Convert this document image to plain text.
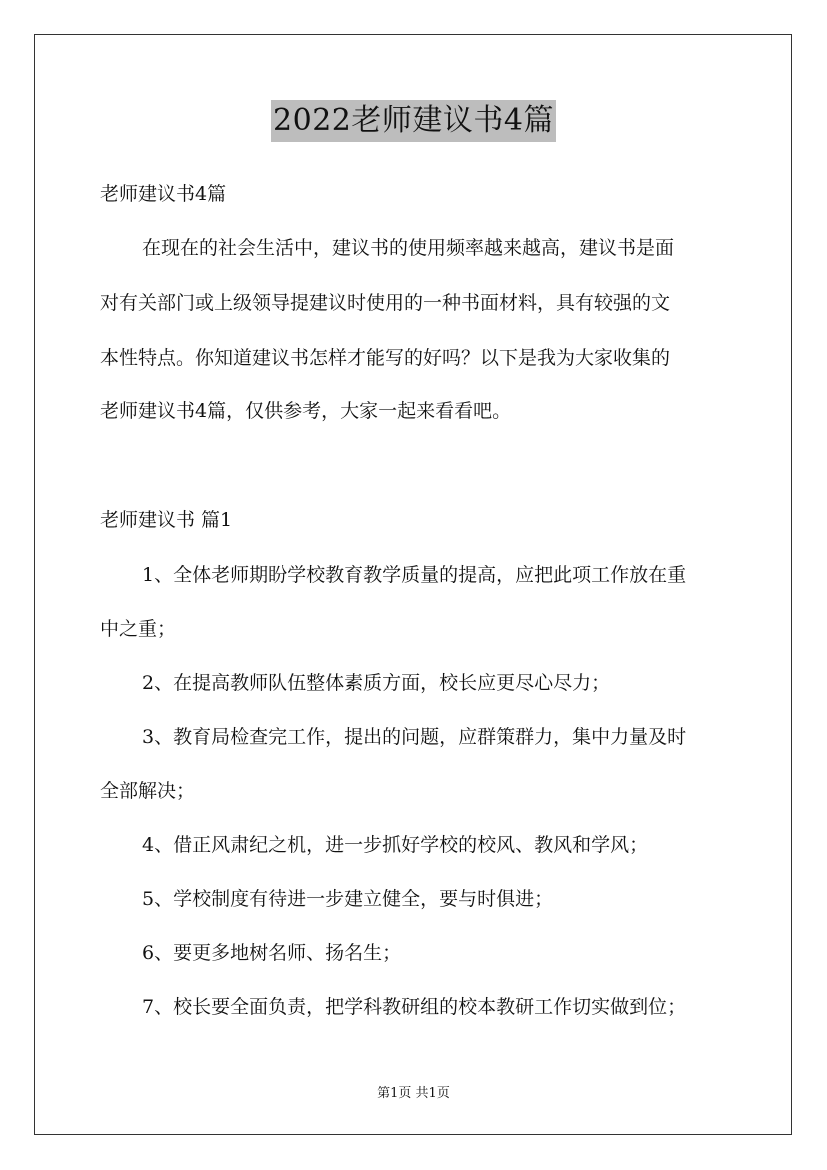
2022老师建议书4篇
老师建议书4篇
在现在的社会生活中，建议书的使用频率越来越高，建议书是面
对有关部门或上级领导提建议时使用的一种书面材料，具有较强的文
本性特点。你知道建议书怎样才能写的好吗？以下是我为大家收集的
老师建议书4篇，仅供参考，大家一起来看看吧。
老师建议书 篇1
1、全体老师期盼学校教育教学质量的提高，应把此项工作放在重
中之重；
2、在提高教师队伍整体素质方面，校长应更尽心尽力；
3、教育局检查完工作，提出的问题，应群策群力，集中力量及时
全部解决；
4、借正风肃纪之机，进一步抓好学校的校风、教风和学风；
5、学校制度有待进一步建立健全，要与时俱进；
6、要更多地树名师、扬名生；
7、校长要全面负责，把学科教研组的校本教研工作切实做到位；
第1页 共1页
